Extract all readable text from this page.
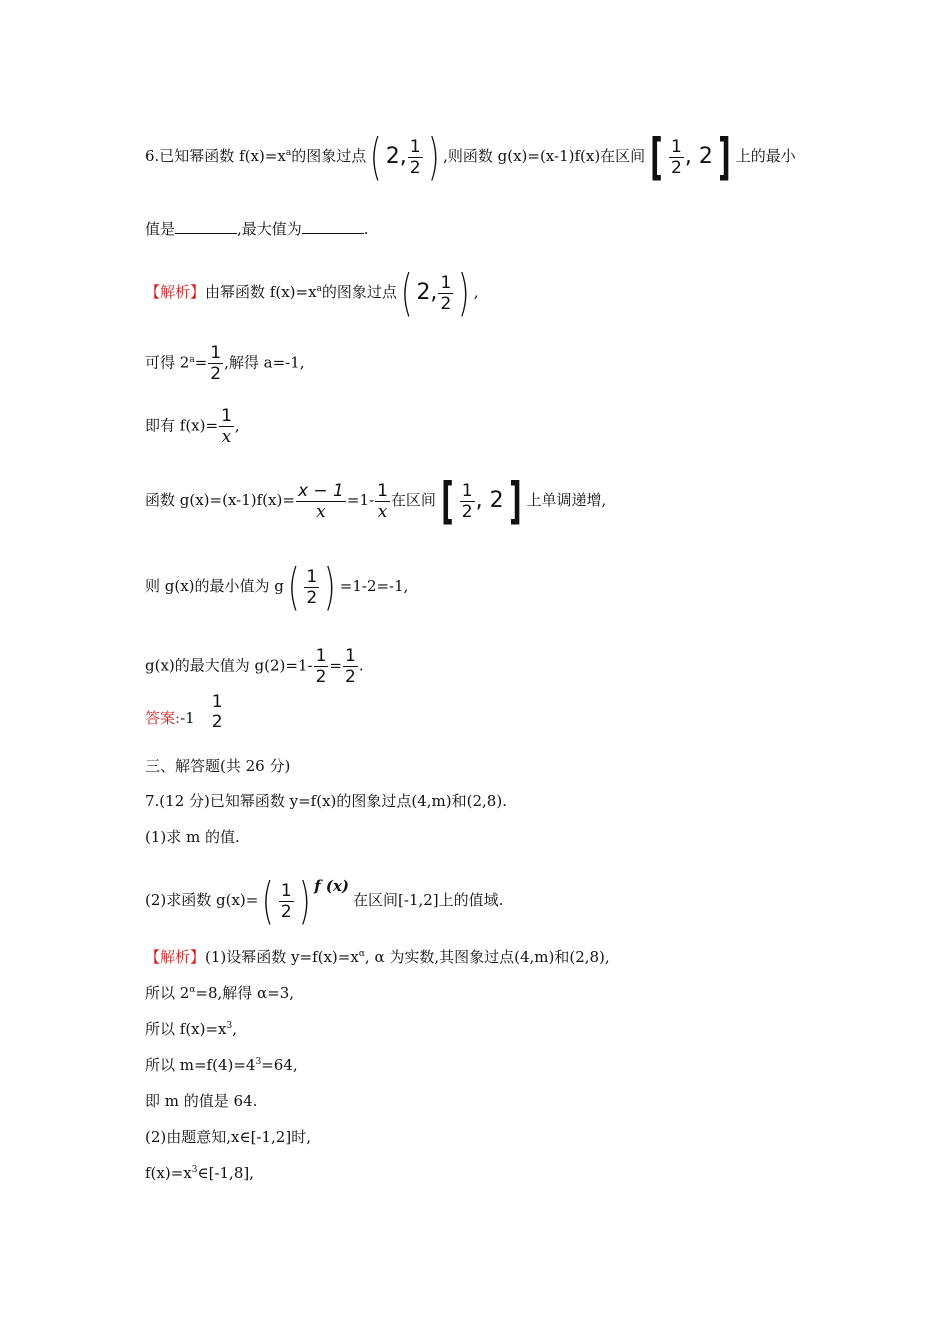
6.已知幂函数 $f(x)=x^a$的图象过点( 2, $\frac{1}{2}$ ) ,则函数 g(x)=(x-1)f(x)在区间 [ $\frac{1}{2}$ , 2 ] 上的最小
值是	,最大值为	.
【解析】由幂函数 $f(x)=x^a$的图象过点( 2, $\frac{1}{2}$ ) ,
可得 $2^a= \frac{1}{2}$ ,解得 a=-1,
即有 $f(x)= \frac{1}{x}$ ,
函数 $g(x)=(x-1)f(x)= \frac{x - 1}{x} =1- \frac{1}{x}$ 在区间 [ $\frac{1}{2}$ , 2 ] 上单调递增,
则 g(x)的最小值为 $g( \frac{1}{2}$ ) =1-2=-1,
g(x)的最大值为 $g(2)=1- \frac{1}{2} = \frac{1}{2}$ .
答案:-1
1
2
三、解答题(共 26 分)
7.(12 分)已知幂函数 y=f(x)的图象过点(4,m)和(2,8).
(1)求 m 的值.
(2)求函数 $g(x)=( \frac{1}{2}$ ) f (x)在区间[-1,2]上的值域.
【解析】(1)设幂函数 $y=f(x)=x^\alpha$, α 为实数,其图象过点(4,m)和(2,8),
所以 $2^\alpha=8$,解得 α=3,
所以 $f(x)=x^3$,
所以 $m=f(4)=4^3=64$,
即 m 的值是 64.
(2)由题意知,x∈[-1,2]时,
$f(x)=x^3\in[-1,8]$,
